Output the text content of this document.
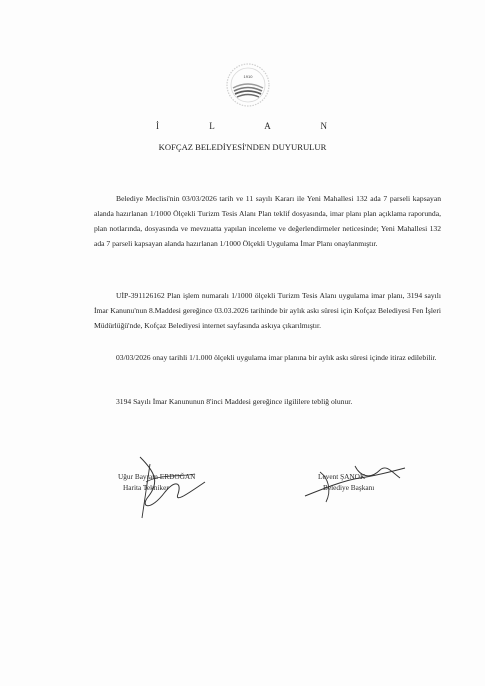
1910
İ L A N
KOFÇAZ BELEDİYESİ'NDEN DUYURULUR
Belediye Meclisi'nin 03/03/2026 tarih ve 11 sayılı Kararı ile Yeni Mahallesi 132 ada 7 parseli kapsayan alanda hazırlanan 1/1000 Ölçekli Turizm Tesis Alanı Plan teklif dosyasında, imar planı plan açıklama raporunda, plan notlarında, dosyasında ve mevzuatta yapılan inceleme ve değerlendirmeler neticesinde; Yeni Mahallesi 132 ada 7 parseli kapsayan alanda hazırlanan 1/1000 Ölçekli Uygulama İmar Planı onaylanmıştır.
UİP-391126162 Plan işlem numaralı 1/1000 ölçekli Turizm Tesis Alanı uygulama imar planı, 3194 sayılı İmar Kanunu'nun 8.Maddesi gereğince 03.03.2026 tarihinde bir aylık askı süresi için Kofçaz Belediyesi Fen İşleri Müdürlüğü'nde, Kofçaz Belediyesi internet sayfasında askıya çıkarılmıştır.
03/03/2026 onay tarihli 1/1.000 ölçekli uygulama imar planına bir aylık askı süresi içinde itiraz edilebilir.
3194 Sayılı İmar Kanununun 8'inci Maddesi gereğince ilgililere tebliğ olunur.
Uğur Bayram ERDOĞAN
Harita Tekniker
Levent ŞANOK
Belediye Başkanı
